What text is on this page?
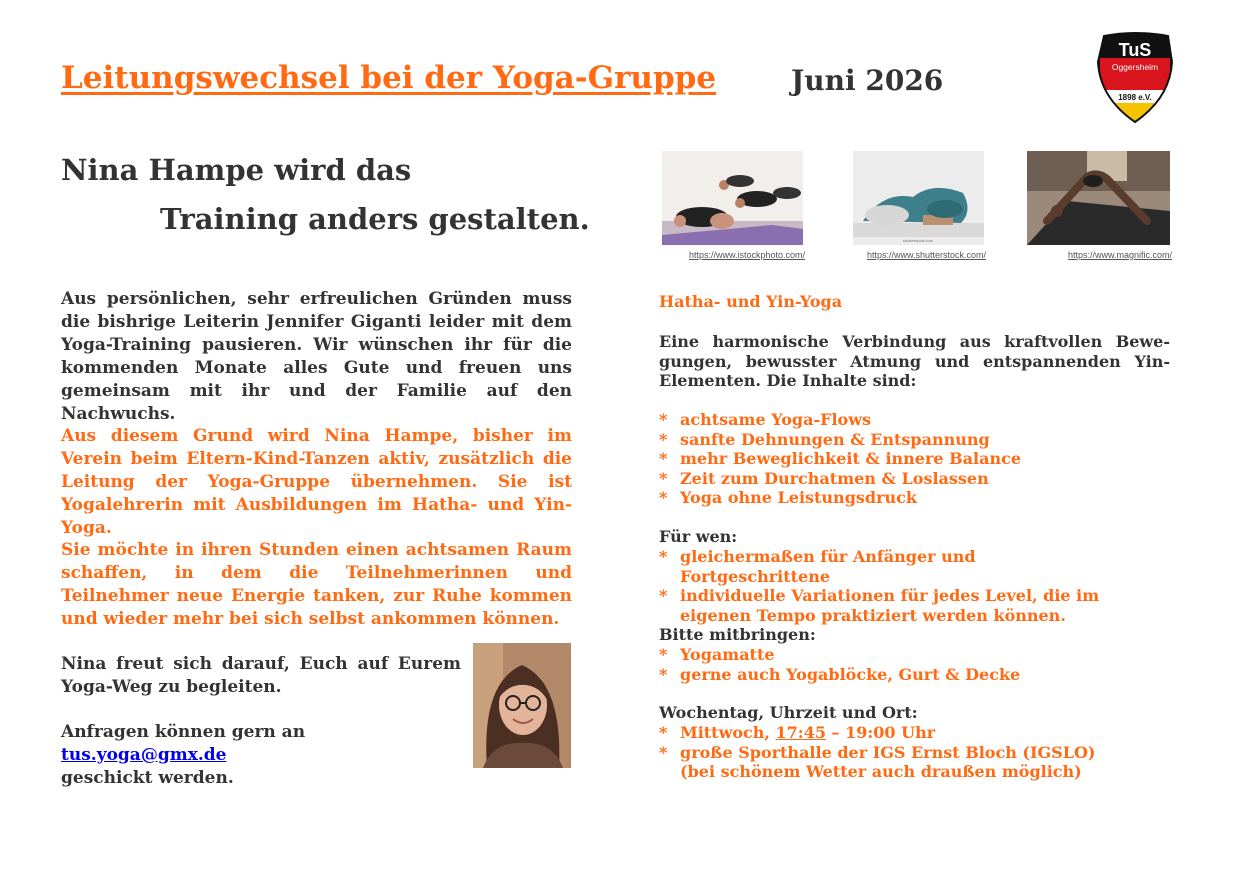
Leitungswechsel bei der Yoga-Gruppe	Juni 2026
TuS
Oggersheim
1898 e.V.
Nina Hampe wird das
Training anders gestalten.
Aus persönlichen, sehr erfreulichen Gründen muss die bishrige Leiterin Jennifer Giganti leider mit dem Yoga-Training pausieren. Wir wünschen ihr für die kommenden Monate alles Gute und freuen uns gemeinsam mit ihr und der Familie auf den Nachwuchs.
Aus diesem Grund wird Nina Hampe, bisher im Verein beim Eltern-Kind-Tanzen aktiv, zusätzlich die Leitung der Yoga-Gruppe übernehmen. Sie ist Yogalehrerin mit Ausbildungen im Hatha- und Yin-Yoga.
Sie möchte in ihren Stunden einen achtsamen Raum schaffen, in dem die Teilnehmerinnen und Teilnehmer neue Energie tanken, zur Ruhe kommen und wieder mehr bei sich selbst ankommen können.
Nina freut sich darauf, Euch auf Eurem Yoga-Weg zu begleiten.
Anfragen können gern an tus.yoga@gmx.de
geschickt werden.
shutterstock.com
https://www.istockphoto.com/	https://www.shutterstock.com/	https://www.magnific.com/
Hatha- und Yin-Yoga
Eine harmonische Verbindung aus kraftvollen Bewe-gungen, bewusster Atmung und entspannenden Yin-Elementen. Die Inhalte sind:
* achtsame Yoga-Flows
* sanfte Dehnungen & Entspannung
* mehr Beweglichkeit & innere Balance
* Zeit zum Durchatmen & Loslassen
* Yoga ohne Leistungsdruck
Für wen:
* gleichermaßen für Anfänger und Fortgeschrittene
* individuelle Variationen für jedes Level, die im eigenen Tempo praktiziert werden können.
Bitte mitbringen:
* Yogamatte
* gerne auch Yogablöcke, Gurt & Decke
Wochentag, Uhrzeit und Ort:
* Mittwoch, 17:45 – 19:00 Uhr
* große Sporthalle der IGS Ernst Bloch (IGSLO)
(bei schönem Wetter auch draußen möglich)
